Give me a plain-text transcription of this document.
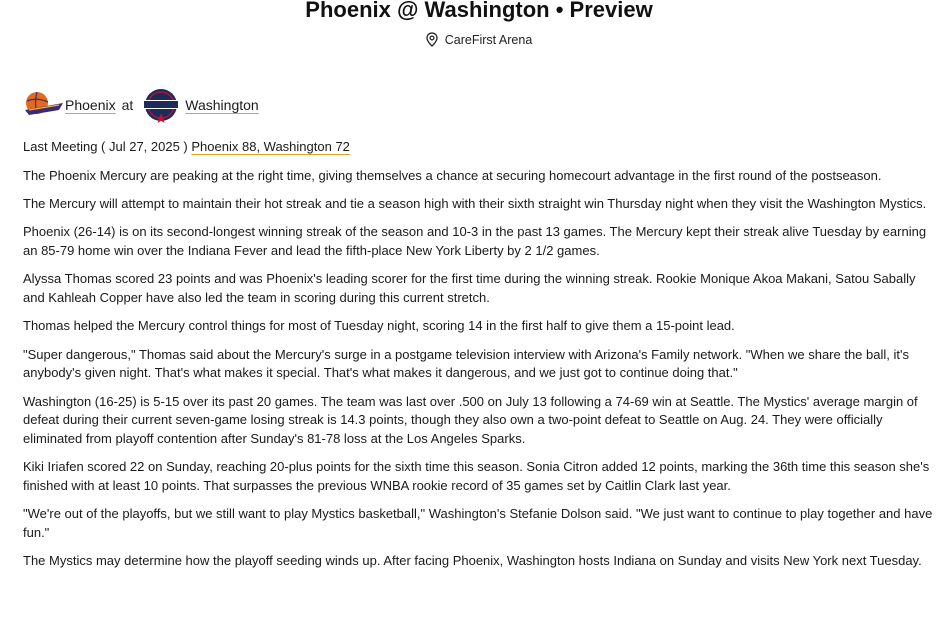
Phoenix @ Washington • Preview
CareFirst Arena
Phoenix at	Washington

Last Meeting ( Jul 27, 2025 ) Phoenix 88, Washington 72

The Phoenix Mercury are peaking at the right time, giving themselves a chance at securing homecourt advantage in the first round of the postseason.

The Mercury will attempt to maintain their hot streak and tie a season high with their sixth straight win Thursday night when they visit the Washington Mystics.

Phoenix (26-14) is on its second-longest winning streak of the season and 10-3 in the past 13 games. The Mercury kept their streak alive Tuesday by earning an 85-79 home win over the Indiana Fever and lead the fifth-place New York Liberty by 2 1/2 games.

Alyssa Thomas scored 23 points and was Phoenix's leading scorer for the first time during the winning streak. Rookie Monique Akoa Makani, Satou Sabally and Kahleah Copper have also led the team in scoring during this current stretch.

Thomas helped the Mercury control things for most of Tuesday night, scoring 14 in the first half to give them a 15-point lead.

"Super dangerous," Thomas said about the Mercury's surge in a postgame television interview with Arizona's Family network. "When we share the ball, it's anybody's given night. That's what makes it special. That's what makes it dangerous, and we just got to continue doing that."

Washington (16-25) is 5-15 over its past 20 games. The team was last over .500 on July 13 following a 74-69 win at Seattle. The Mystics' average margin of defeat during their current seven-game losing streak is 14.3 points, though they also own a two-point defeat to Seattle on Aug. 24. They were officially eliminated from playoff contention after Sunday's 81-78 loss at the Los Angeles Sparks.

Kiki Iriafen scored 22 on Sunday, reaching 20-plus points for the sixth time this season. Sonia Citron added 12 points, marking the 36th time this season she's finished with at least 10 points. That surpasses the previous WNBA rookie record of 35 games set by Caitlin Clark last year.

"We're out of the playoffs, but we still want to play Mystics basketball," Washington's Stefanie Dolson said. "We just want to continue to play together and have fun."

The Mystics may determine how the playoff seeding winds up. After facing Phoenix, Washington hosts Indiana on Sunday and visits New York next Tuesday.
